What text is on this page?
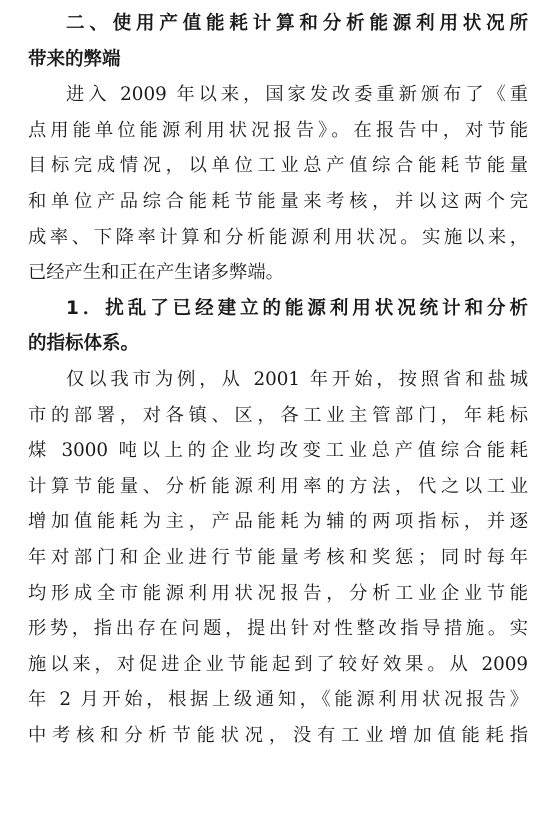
二、使用产值能耗计算和分析能源利用状况所
带来的弊端
进入 2009 年以来，国家发改委重新颁布了《重
点用能单位能源利用状况报告》。在报告中，对节能
目标完成情况，以单位工业总产值综合能耗节能量
和单位产品综合能耗节能量来考核，并以这两个完
成率、下降率计算和分析能源利用状况。实施以来，
已经产生和正在产生诸多弊端。
1．扰乱了已经建立的能源利用状况统计和分析
的指标体系。
仅以我市为例，从 2001 年开始，按照省和盐城
市的部署，对各镇、区，各工业主管部门，年耗标
煤 3000 吨以上的企业均改变工业总产值综合能耗
计算节能量、分析能源利用率的方法，代之以工业
增加值能耗为主，产品能耗为辅的两项指标，并逐
年对部门和企业进行节能量考核和奖惩；同时每年
均形成全市能源利用状况报告，分析工业企业节能
形势，指出存在问题，提出针对性整改指导措施。实
施以来，对促进企业节能起到了较好效果。从 2009
年 2 月开始，根据上级通知，《能源利用状况报告》
中考核和分析节能状况，没有工业增加值能耗指
